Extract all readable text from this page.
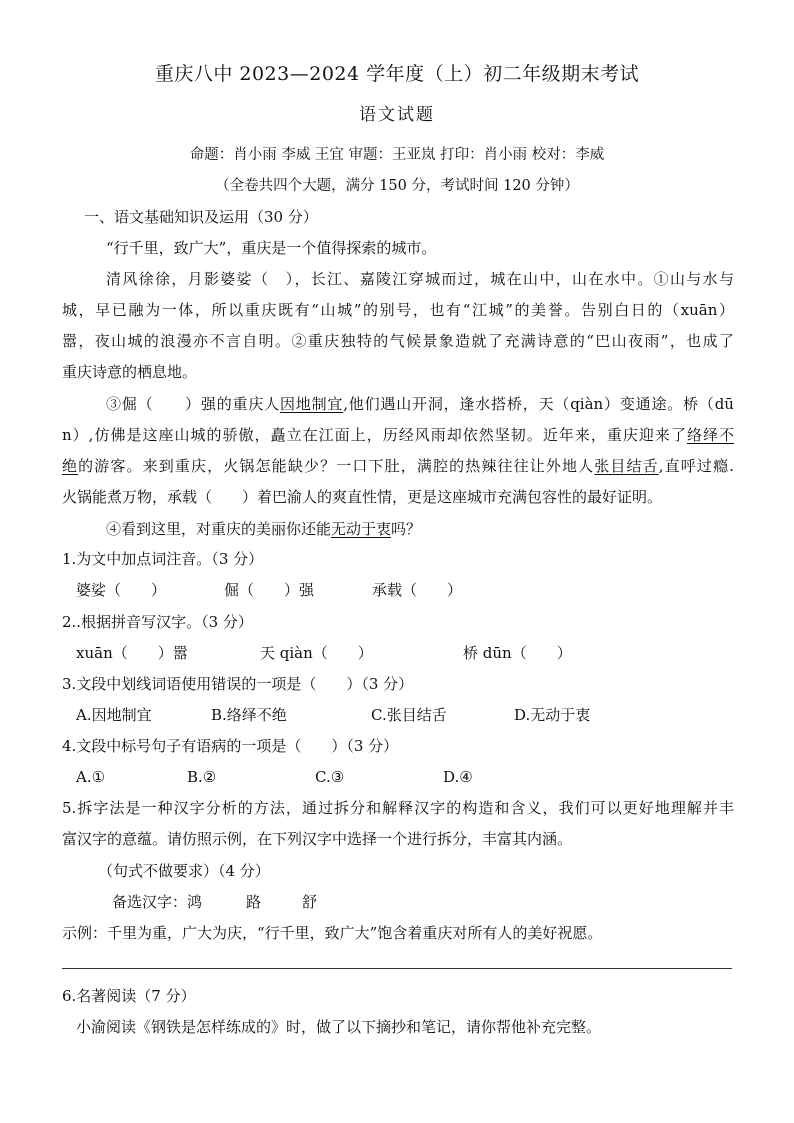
重庆八中 2023—2024 学年度（上）初二年级期末考试
语文试题
命题：肖小雨 李威 王宜 审题：王亚岚 打印：肖小雨 校对：李威
（全卷共四个大题，满分 150 分，考试时间 120 分钟）
一、语文基础知识及运用（30 分）
“行千里，致广大”，重庆是一个值得探索的城市。
清风徐徐，月影婆娑（　），长江、嘉陵江穿城而过，城在山中，山在水中。①山与水与
城，早已融为一体，所以重庆既有“山城”的别号，也有“江城”的美誉。告别白日的（xuān）
嚣，夜山城的浪漫亦不言自明。②重庆独特的气候景象造就了充满诗意的“巴山夜雨”，也成了
重庆诗意的栖息地。
③倔（　　）强的重庆人因地制宜,他们遇山开洞，逢水搭桥，天（qiàn）变通途。桥（dū
n）,仿佛是这座山城的骄傲，矗立在江面上，历经风雨却依然坚韧。近年来，重庆迎来了络绎不
绝的游客。来到重庆，火锅怎能缺少？一口下肚，满腔的热辣往往让外地人张目结舌,直呼过瘾.
火锅能煮万物，承载（　　）着巴渝人的爽直性情，更是这座城市充满包容性的最好证明。
④看到这里，对重庆的美丽你还能无动于衷吗？
1.为文中加点词注音。（3 分）
婆娑（　　）	倔（　　）强	承载（　　）
2..根据拼音写汉字。（3 分）
xuān（　　）嚣	天 qiàn（　　）	桥 dūn（　　）
3.文段中划线词语使用错误的一项是（　　）（3 分）
A.因地制宜	B.络绎不绝	C.张目结舌	D.无动于衷
4.文段中标号句子有语病的一项是（　　）（3 分）
A.①	B.②	C.③	D.④
5.拆字法是一种汉字分析的方法，通过拆分和解释汉字的构造和含义，我们可以更好地理解并丰
富汉字的意蕴。请仿照示例，在下列汉字中选择一个进行拆分，丰富其内涵。
（句式不做要求）（4 分）
备选汉字：鸿	路	舒
示例：千里为重，广大为庆，“行千里，致广大”饱含着重庆对所有人的美好祝愿。
6.名著阅读（7 分）
小渝阅读《钢铁是怎样练成的》时，做了以下摘抄和笔记，请你帮他补充完整。
